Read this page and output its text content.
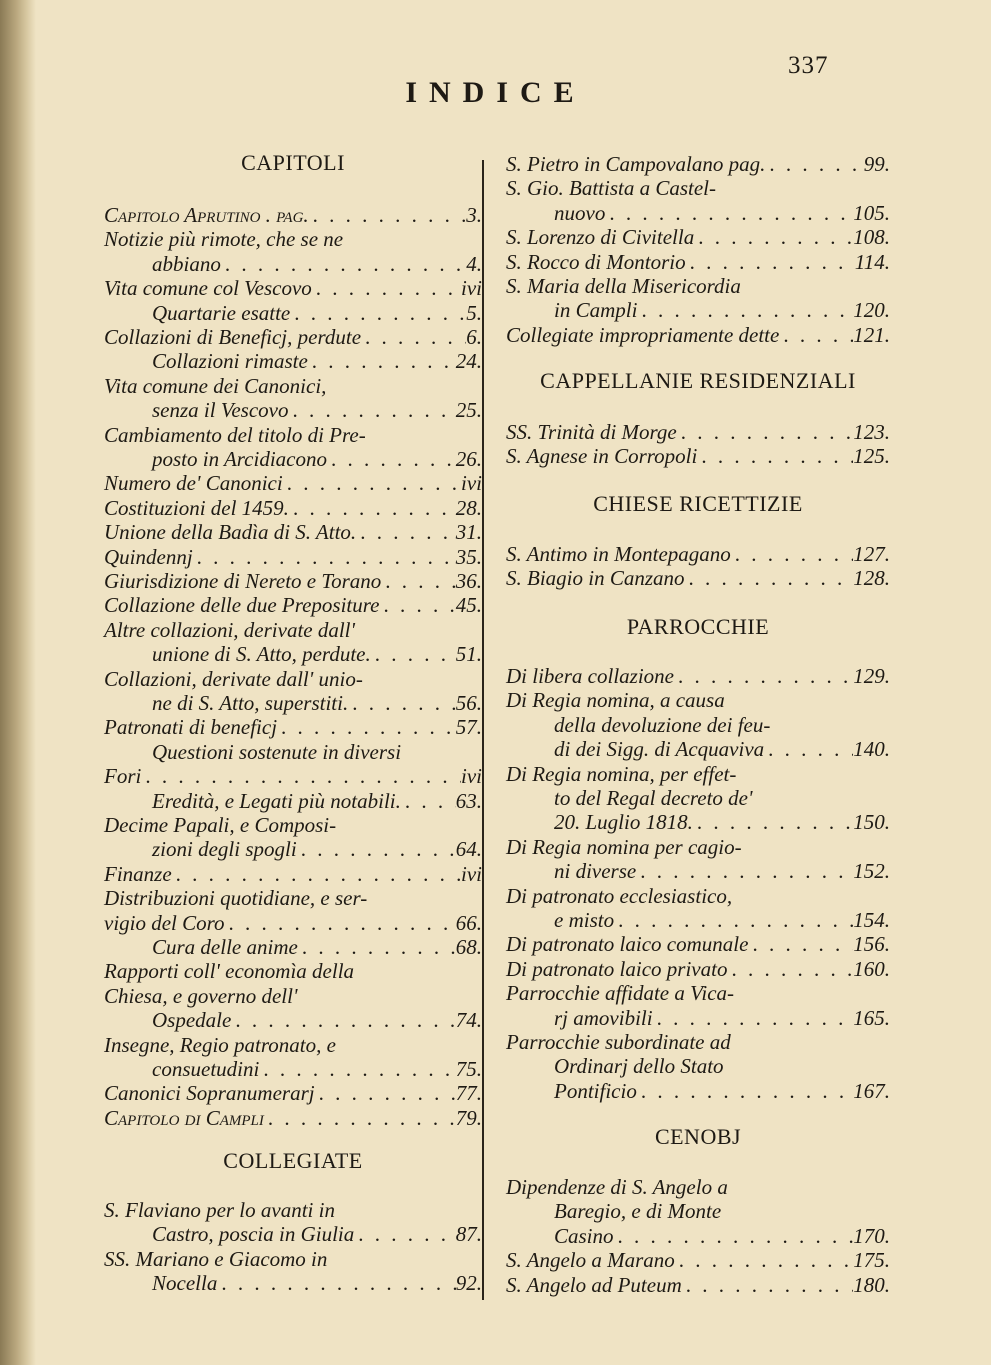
337
INDICE
CAPITOLI
Capitolo Aprutino . pag. . . .	3.
Notizie più rimote, che se ne
abbiano . . .	4.
Vita comune col Vescovo . . .	ivi
Quartarie esatte . . .	5.
Collazioni di Beneficj, perdute . . .	6.
Collazioni rimaste . . .	24.
Vita comune dei Canonici,
senza il Vescovo . . .	25.
Cambiamento del titolo di Pre-
posto in Arcidiacono . . .	26.
Numero de' Canonici . . .	ivi
Costituzioni del 1459. . . .	28.
Unione della Badìa di S. Atto. . . .	31.
Quindennj . . .	35.
Giurisdizione di Nereto e Torano . . .	36.
Collazione delle due Prepositure . . .	45.
Altre collazioni, derivate dall'
unione di S. Atto, perdute. . . .	51.
Collazioni, derivate dall' unio-
ne di S. Atto, superstiti. . . .	56.
Patronati di beneficj . . .	57.
Questioni sostenute in diversi
Fori . . .	ivi
Eredità, e Legati più notabili. . . .	63.
Decime Papali, e Composi-
zioni degli spogli . . .	64.
Finanze . . .	ivi
Distribuzioni quotidiane, e ser-
vigio del Coro . . .	66.
Cura delle anime . . .	68.
Rapporti coll' economìa della
Chiesa, e governo dell'
Ospedale . . .	74.
Insegne, Regio patronato, e
consuetudini . . .	75.
Canonici Sopranumerarj . . .	77.
Capitolo di Campli . . .	79.
COLLEGIATE
S. Flaviano per lo avanti in
Castro, poscia in Giulia . . .	87.
SS. Mariano e Giacomo in
Nocella . . .	92.
S. Pietro in Campovalano pag. . . .	99.
S. Gio. Battista a Castel-
nuovo . . .	105.
S. Lorenzo di Civitella . . .	108.
S. Rocco di Montorio . . .	114.
S. Maria della Misericordia
in Campli . . .	120.
Collegiate impropriamente dette . . .	121.
CAPPELLANIE RESIDENZIALI
SS. Trinità di Morge . . .	123.
S. Agnese in Corropoli . . .	125.
CHIESE RICETTIZIE
S. Antimo in Montepagano . . .	127.
S. Biagio in Canzano . . .	128.
PARROCCHIE
Di libera collazione . . .	129.
Di Regia nomina, a causa
della devoluzione dei feu-
di dei Sigg. di Acquaviva . . .	140.
Di Regia nomina, per effet-
to del Regal decreto de'
20. Luglio 1818. . . .	150.
Di Regia nomina per cagio-
ni diverse . . .	152.
Di patronato ecclesiastico,
e misto . . .	154.
Di patronato laico comunale . . .	156.
Di patronato laico privato . . .	160.
Parrocchie affidate a Vica-
rj amovibili . . .	165.
Parrocchie subordinate ad
Ordinarj dello Stato
Pontificio . . .	167.
CENOBJ
Dipendenze di S. Angelo a
Baregio, e di Monte
Casino . . .	170.
S. Angelo a Marano . . .	175.
S. Angelo ad Puteum . . .	180.
